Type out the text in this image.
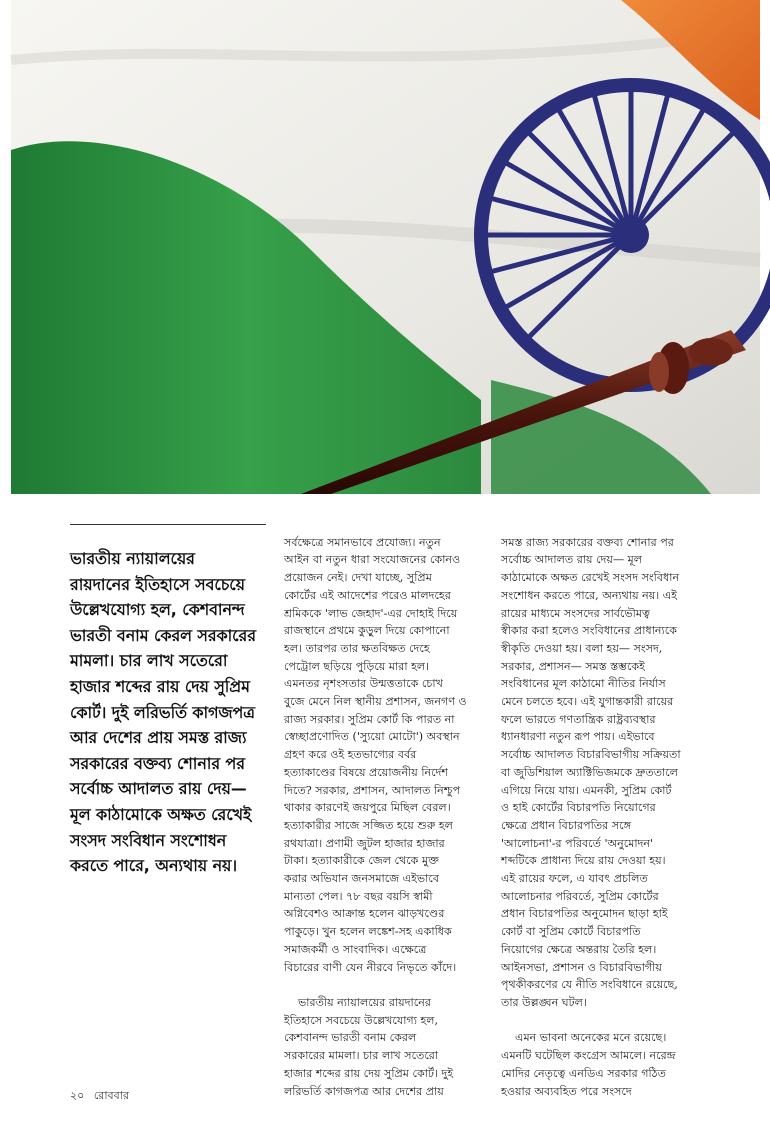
ভারতীয় ন্যায়ালয়ের
রায়দানের ইতিহাসে সবচেয়ে
উল্লেখযোগ্য হল, কেশবানন্দ
ভারতী বনাম কেরল সরকারের
মামলা। চার লাখ সতেরো
হাজার শব্দের রায় দেয় সুপ্রিম
কোর্ট। দুই লরিভর্তি কাগজপত্র
আর দেশের প্রায় সমস্ত রাজ্য
সরকারের বক্তব্য শোনার পর
সর্বোচ্চ আদালত রায় দেয়—
মূল কাঠামোকে অক্ষত রেখেই
সংসদ সংবিধান সংশোধন
করতে পারে, অন্যথায় নয়।

সর্বক্ষেত্রে সমানভাবে প্রযোজ্য। নতুন
আইন বা নতুন ধারা সংযোজনের কোনও
প্রয়োজন নেই। দেখা যাচ্ছে, সুপ্রিম
কোর্টের এই আদেশের পরেও মালদহের
শ্রমিককে 'লাভ জেহাদ'-এর দোহাই দিয়ে
রাজস্থানে প্রথমে কুড়ুল দিয়ে কোপানো
হল। তারপর তার ক্ষতবিক্ষত দেহে
পেট্রোল ছড়িয়ে পুড়িয়ে মারা হল।
এমনতর নৃশংসতার উন্মত্ততাকে চোখ
বুজে মেনে নিল স্থানীয় প্রশাসন, জনগণ ও
রাজ্য সরকার। সুপ্রিম কোর্ট কি পারত না
স্বেচ্ছাপ্রণোদিত ('স্যুয়ো মোটো') অবস্থান
গ্রহণ করে ওই হতভাগ্যের বর্বর
হত্যাকাণ্ডের বিষয়ে প্রয়োজনীয় নির্দেশ
দিতে? সরকার, প্রশাসন, আদালত নিশ্চুপ
থাকার কারণেই জয়পুরে মিছিল বেরল।
হত্যাকারীর সাজে সজ্জিত হয়ে শুরু হল
রথযাত্রা। প্রণামী জুটল হাজার হাজার
টাকা। হত্যাকারীকে জেল থেকে মুক্ত
করার অভিযান জনসমাজে এইভাবে
মান্যতা পেল। ৭৮ বছর বয়সি স্বামী
অগ্নিবেশও আক্রান্ত হলেন ঝাড়খণ্ডের
পাকুড়ে। খুন হলেন লঙ্কেশ-সহ একাধিক
সমাজকর্মী ও সাংবাদিক। এক্ষেত্রে
বিচারের বাণী যেন নীরবে নিভৃতে কাঁদে।

ভারতীয় ন্যায়ালয়ের রায়দানের
ইতিহাসে সবচেয়ে উল্লেখযোগ্য হল,
কেশবানন্দ ভারতী বনাম কেরল
সরকারের মামলা। চার লাখ সতেরো
হাজার শব্দের রায় দেয় সুপ্রিম কোর্ট। দুই
লরিভর্তি কাগজপত্র আর দেশের প্রায়

সমস্ত রাজ্য সরকারের বক্তব্য শোনার পর
সর্বোচ্চ আদালত রায় দেয়— মূল
কাঠামোকে অক্ষত রেখেই সংসদ সংবিধান
সংশোধন করতে পারে, অন্যথায় নয়। এই
রায়ের মাধ্যমে সংসদের সার্বভৌমত্ব
স্বীকার করা হলেও সংবিধানের প্রাধান্যকে
স্বীকৃতি দেওয়া হয়। বলা হয়— সংসদ,
সরকার, প্রশাসন— সমস্ত স্তম্ভকেই
সংবিধানের মূল কাঠামো নীতির নির্যাস
মেনে চলতে হবে। এই যুগান্তকারী রায়ের
ফলে ভারতে গণতান্ত্রিক রাষ্ট্রব্যবস্থার
ধ্যানধারণা নতুন রূপ পায়। এইভাবে
সর্বোচ্চ আদালত বিচারবিভাগীয় সক্রিয়তা
বা জুডিশিয়াল অ্যাক্টিভিজমকে দ্রুততালে
এগিয়ে নিয়ে যায়। এমনকী, সুপ্রিম কোর্ট
ও হাই কোর্টের বিচারপতি নিয়োগের
ক্ষেত্রে প্রধান বিচারপতির সঙ্গে
'আলোচনা'-র পরিবর্তে 'অনুমোদন'
শব্দটিকে প্রাধান্য দিয়ে রায় দেওয়া হয়।
এই রায়ের ফলে, এ যাবৎ প্রচলিত
আলোচনার পরিবর্তে, সুপ্রিম কোর্টের
প্রধান বিচারপতির অনুমোদন ছাড়া হাই
কোর্ট বা সুপ্রিম কোর্টে বিচারপতি
নিয়োগের ক্ষেত্রে অন্তরায় তৈরি হল।
আইনসভা, প্রশাসন ও বিচারবিভাগীয়
পৃথকীকরণের যে নীতি সংবিধানে রয়েছে,
তার উল্লঙ্ঘন ঘটল।

এমন ভাবনা অনেকের মনে রয়েছে।
এমনটি ঘটেছিল কংগ্রেস আমলে। নরেন্দ্র
মোদির নেতৃত্বে এনডিএ সরকার গঠিত
হওয়ার অব্যবহিত পরে সংসদে

২০ রোববার
